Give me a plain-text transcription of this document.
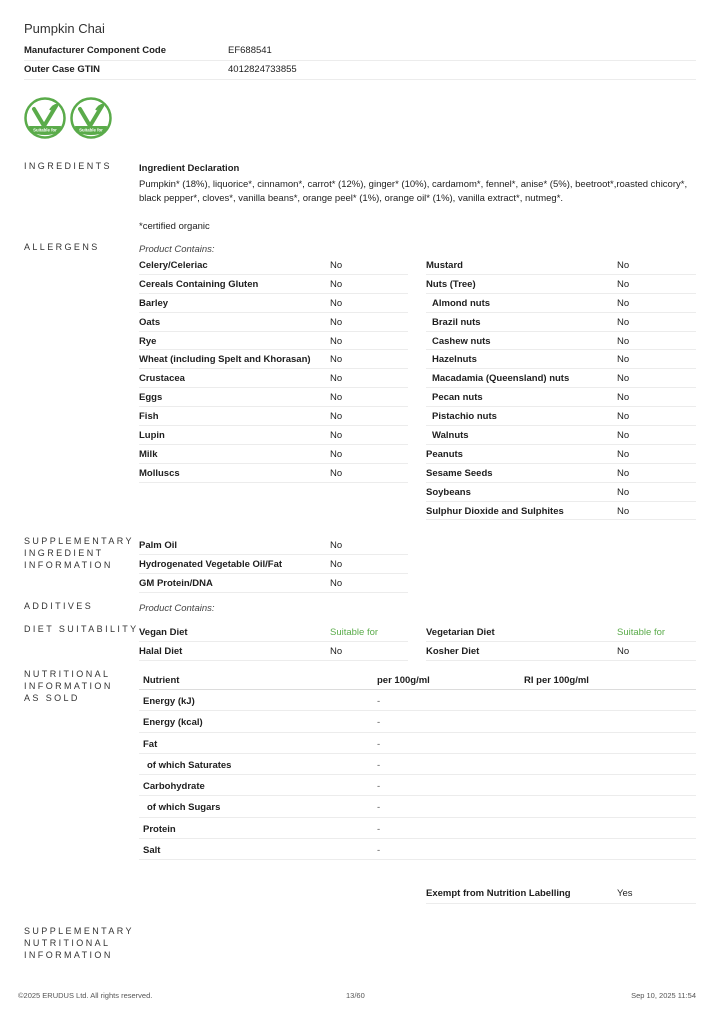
Pumpkin Chai
Manufacturer Component Code	EF688541
Outer Case GTIN	4012824733855
Suitable for	Suitable for
INGREDIENTS
ALLERGENS
SUPPLEMENTARY INGREDIENT INFORMATION
ADDITIVES
DIET SUITABILITY
NUTRITIONAL INFORMATION AS SOLD
SUPPLEMENTARY NUTRITIONAL INFORMATION
Ingredient Declaration
Pumpkin* (18%), liquorice*, cinnamon*, carrot* (12%), ginger* (10%), cardamom*, fennel*, anise* (5%), beetroot*,roasted chicory*, black pepper*, cloves*, vanilla beans*, orange peel* (1%), orange oil* (1%), vanilla extract*, nutmeg*.
*certified organic
Product Contains:
Celery/Celeriac	No
Cereals Containing Gluten	No
Barley	No
Oats	No
Rye	No
Wheat (including Spelt and Khorasan) No
Crustacea	No
Eggs	No
Fish	No
Lupin	No
Milk	No
Molluscs	No
Mustard	No
Nuts (Tree)	No
Almond nuts	No
Brazil nuts	No
Cashew nuts	No
Hazelnuts	No
Macadamia (Queensland) nuts	No
Pecan nuts	No
Pistachio nuts	No
Walnuts	No
Peanuts	No
Sesame Seeds	No
Soybeans	No
Sulphur Dioxide and Sulphites	No
Palm Oil	No
Hydrogenated Vegetable Oil/Fat	No
GM Protein/DNA	No
Product Contains:
Vegan Diet	Suitable for
Halal Diet	No
Vegetarian Diet	Suitable for
Kosher Diet	No
Nutrient	per 100g/ml	RI per 100g/ml
Energy (kJ)	-
Energy (kcal)	-
Fat	-
of which Saturates	-
Carbohydrate	-
of which Sugars	-
Protein	-
Salt	-
Exempt from Nutrition Labelling	Yes
©2025 ERUDUS Ltd. All rights reserved.	13/60	Sep 10, 2025 11:54
